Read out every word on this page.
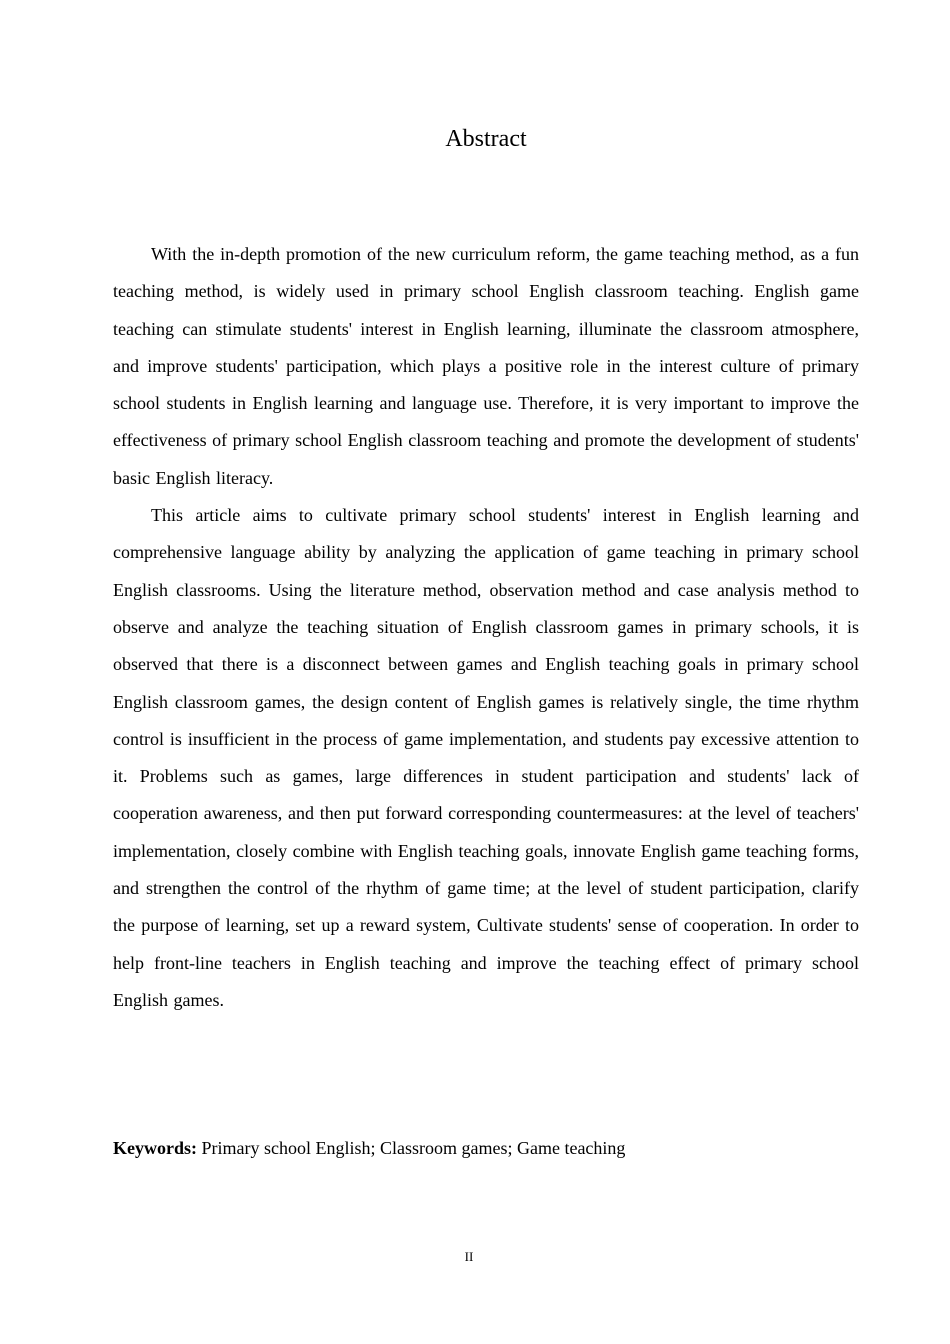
Abstract

With the in-depth promotion of the new curriculum reform, the game teaching method, as a fun teaching method, is widely used in primary school English classroom teaching. English game teaching can stimulate students' interest in English learning, illuminate the classroom atmosphere, and improve students' participation, which plays a positive role in the interest culture of primary school students in English learning and language use. Therefore, it is very important to improve the effectiveness of primary school English classroom teaching and promote the development of students' basic English literacy.

This article aims to cultivate primary school students' interest in English learning and comprehensive language ability by analyzing the application of game teaching in primary school English classrooms. Using the literature method, observation method and case analysis method to observe and analyze the teaching situation of English classroom games in primary schools, it is observed that there is a disconnect between games and English teaching goals in primary school English classroom games, the design content of English games is relatively single, the time rhythm control is insufficient in the process of game implementation, and students pay excessive attention to it. Problems such as games, large differences in student participation and students' lack of cooperation awareness, and then put forward corresponding countermeasures: at the level of teachers' implementation, closely combine with English teaching goals, innovate English game teaching forms, and strengthen the control of the rhythm of game time; at the level of student participation, clarify the purpose of learning, set up a reward system, Cultivate students' sense of cooperation. In order to help front-line teachers in English teaching and improve the teaching effect of primary school English games.

Keywords: Primary school English; Classroom games; Game teaching
II
